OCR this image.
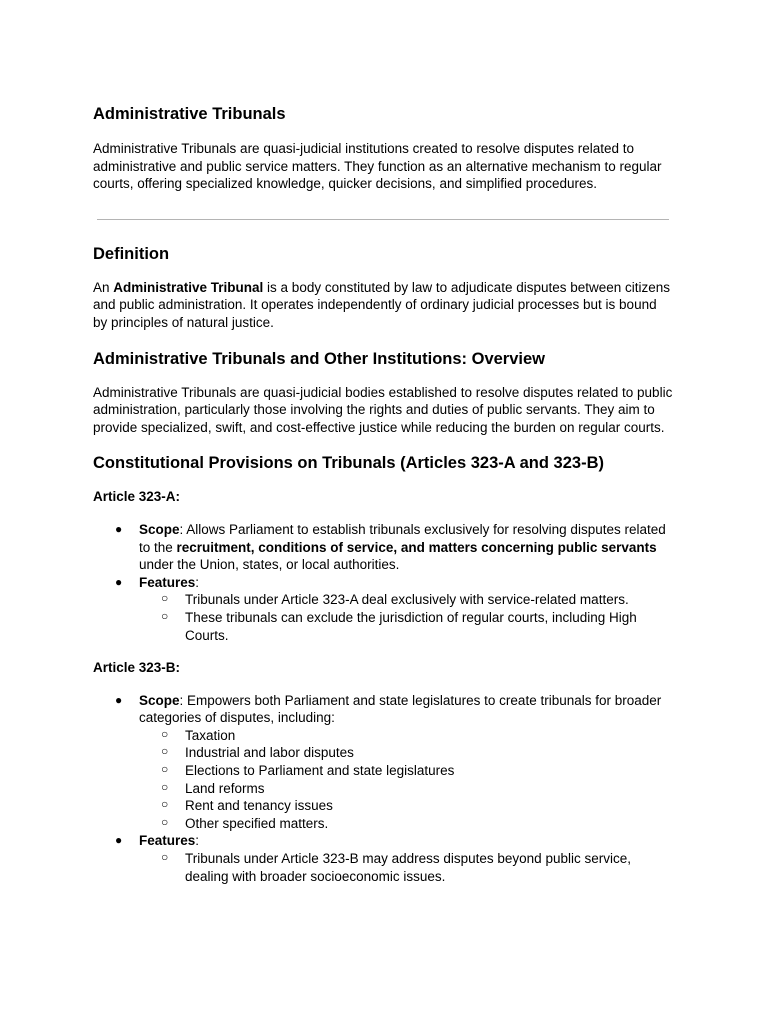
Administrative Tribunals

Administrative Tribunals are quasi-judicial institutions created to resolve disputes related to administrative and public service matters. They function as an alternative mechanism to regular courts, offering specialized knowledge, quicker decisions, and simplified procedures.

Definition

An Administrative Tribunal is a body constituted by law to adjudicate disputes between citizens and public administration. It operates independently of ordinary judicial processes but is bound by principles of natural justice.

Administrative Tribunals and Other Institutions: Overview

Administrative Tribunals are quasi-judicial bodies established to resolve disputes related to public administration, particularly those involving the rights and duties of public servants. They aim to provide specialized, swift, and cost-effective justice while reducing the burden on regular courts.

Constitutional Provisions on Tribunals (Articles 323-A and 323-B)
Article 323-A:
● Scope: Allows Parliament to establish tribunals exclusively for resolving disputes related to the recruitment, conditions of service, and matters concerning public servants under the Union, states, or local authorities.
● Features:
○ Tribunals under Article 323-A deal exclusively with service-related matters.
○ These tribunals can exclude the jurisdiction of regular courts, including High Courts.
Article 323-B:
● Scope: Empowers both Parliament and state legislatures to create tribunals for broader categories of disputes, including:
○ Taxation
○ Industrial and labor disputes
○ Elections to Parliament and state legislatures
○ Land reforms
○ Rent and tenancy issues
○ Other specified matters.
● Features:
○ Tribunals under Article 323-B may address disputes beyond public service, dealing with broader socioeconomic issues.
